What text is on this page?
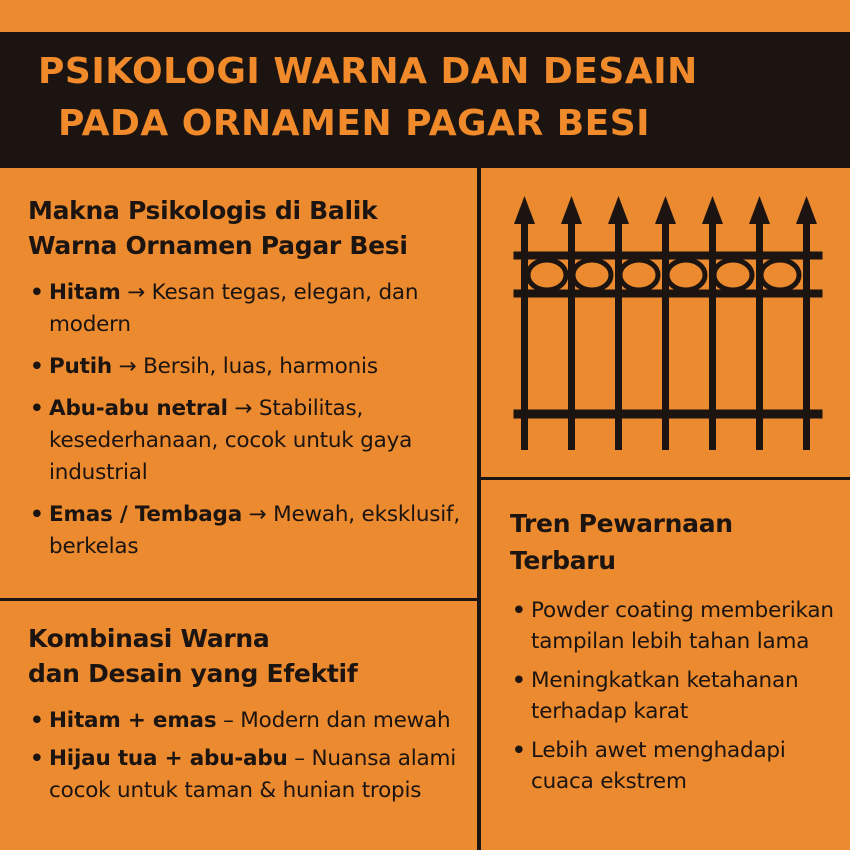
PSIKOLOGI WARNA DAN DESAIN
PADA ORNAMEN PAGAR BESI
Makna Psikologis di Balik
Warna Ornamen Pagar Besi
• Hitam → Kesan tegas, elegan, dan modern
• Putih → Bersih, luas, harmonis
• Abu-abu netral → Stabilitas, kesederhanaan, cocok untuk gaya industrial
• Emas / Tembaga → Mewah, eksklusif, berkelas
Kombinasi Warna
dan Desain yang Efektif
• Hitam + emas – Modern dan mewah
• Hijau tua + abu-abu – Nuansa alami cocok untuk taman & hunian tropis
Tren Pewarnaan
Terbaru
• Powder coating memberikan tampilan lebih tahan lama
• Meningkatkan ketahanan terhadap karat
• Lebih awet menghadapi cuaca ekstrem
